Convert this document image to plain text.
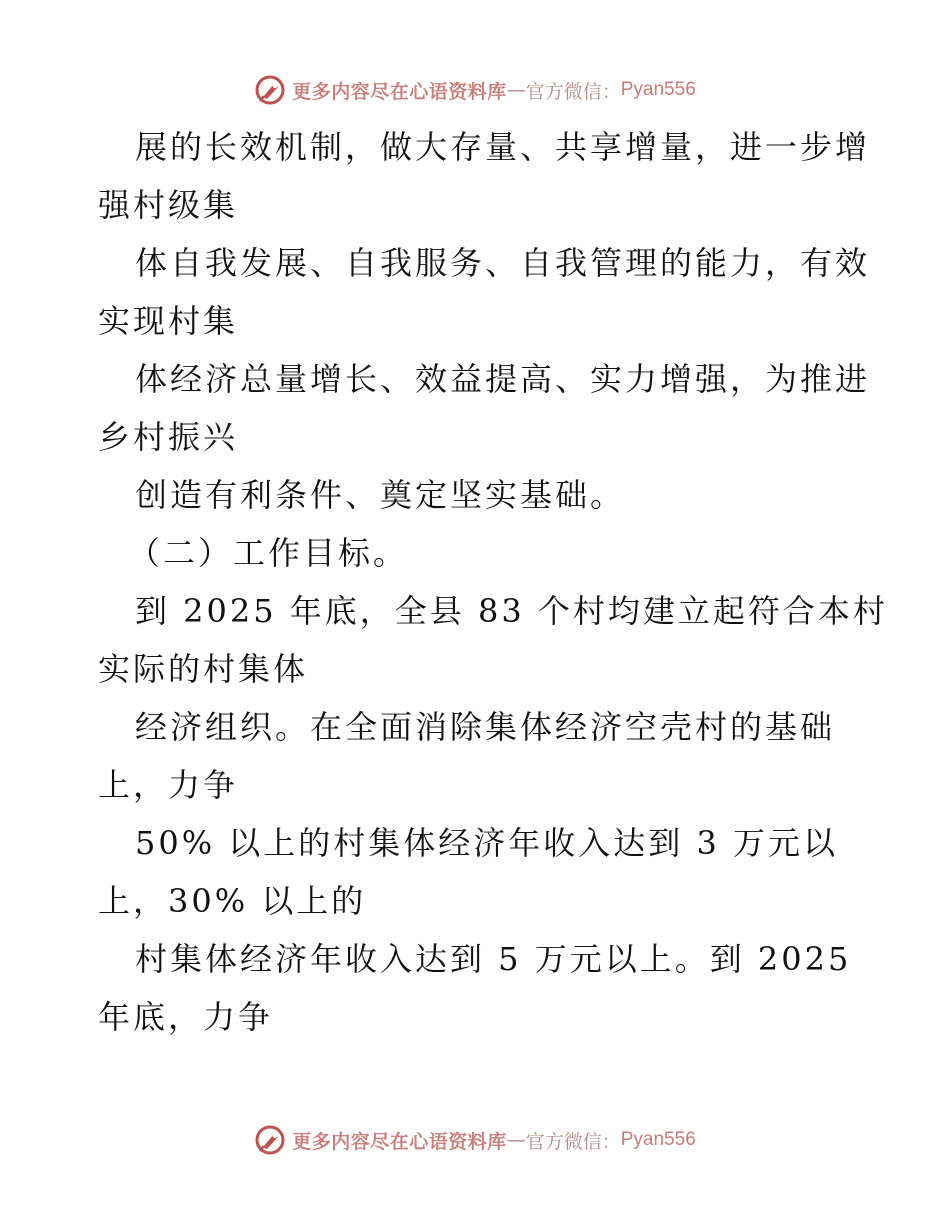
更多内容尽在心语资料库 — 官方微信： Pyan556
展的长效机制，做大存量、共享增量，进一步增
强村级集
体自我发展、自我服务、自我管理的能力，有效
实现村集
体经济总量增长、效益提高、实力增强，为推进
乡村振兴
创造有利条件、奠定坚实基础。
（二）工作目标。
到 2025 年底，全县 83 个村均建立起符合本村
实际的村集体
经济组织。在全面消除集体经济空壳村的基础
上，力争
50% 以上的村集体经济年收入达到 3 万元以
上，30% 以上的
村集体经济年收入达到 5 万元以上。到 2025
年底，力争
更多内容尽在心语资料库 — 官方微信： Pyan556
